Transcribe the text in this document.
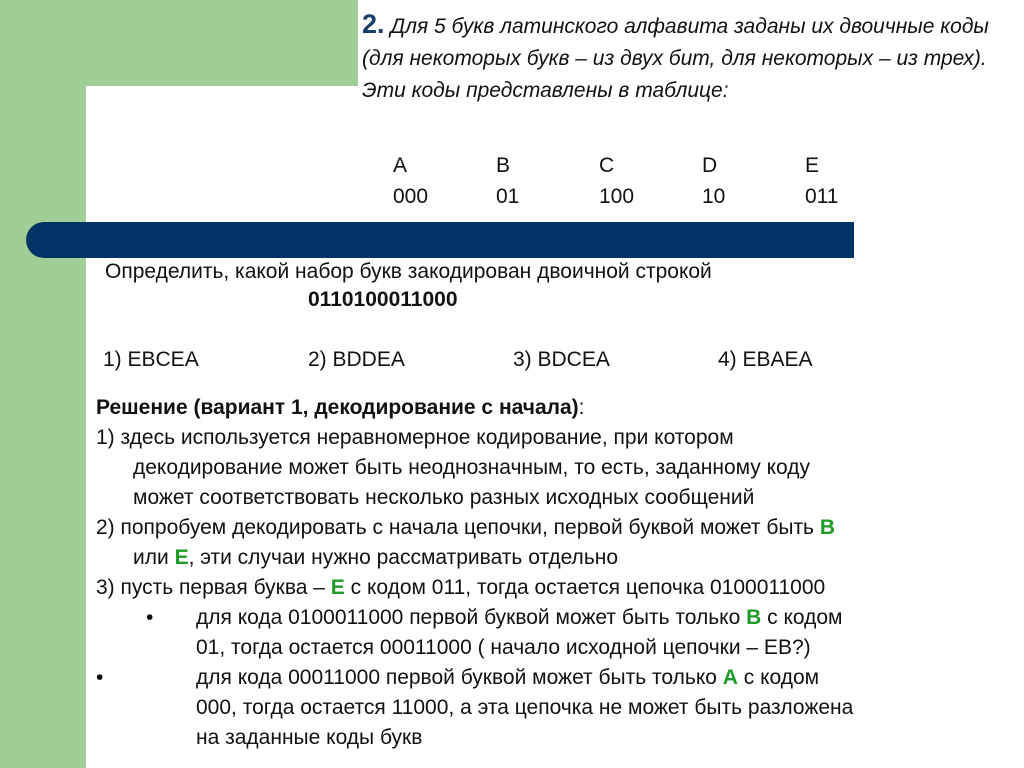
2. Для 5 букв латинского алфавита заданы их двоичные коды (для некоторых букв – из двух бит, для некоторых – из трех). Эти коды представлены в таблице:
A	B	C	D	E
000	01	100	10	011
Определить, какой набор букв закодирован двоичной строкой
0110100011000
1) EBCEA	2) BDDEA	3) BDCEA	4) EBAEA
Решение (вариант 1, декодирование с начала):
1) здесь используется неравномерное кодирование, при котором
декодирование может быть неоднозначным, то есть, заданному коду
может соответствовать несколько разных исходных сообщений
2) попробуем декодировать с начала цепочки, первой буквой может быть B
или E, эти случаи нужно рассматривать отдельно
3) пусть первая буква – E с кодом 011, тогда остается цепочка 0100011000
•	для кода 0100011000 первой буквой может быть только B с кодом
01, тогда остается 00011000 ( начало исходной цепочки – EB?)
•	для кода 00011000 первой буквой может быть только A с кодом
000, тогда остается 11000, а эта цепочка не может быть разложена
на заданные коды букв
